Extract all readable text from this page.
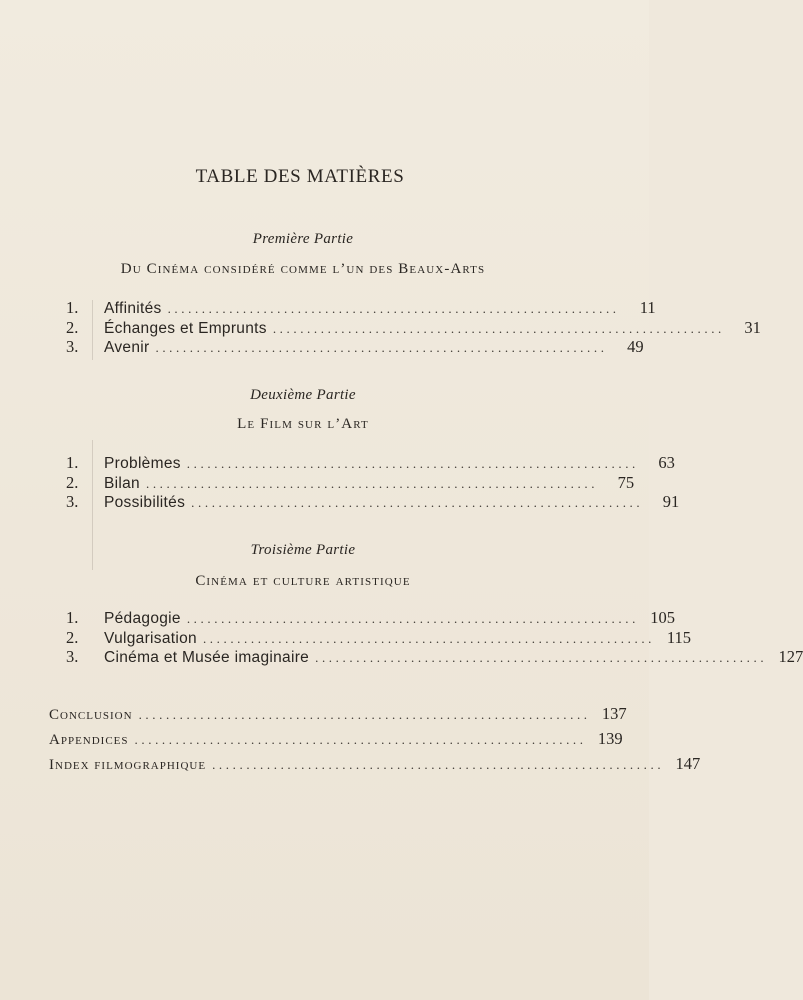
TABLE DES MATIÈRES
Première Partie
Du Cinéma considéré comme l’un des Beaux-Arts
1.	Affinités ..................................................................	11
2.	Échanges et Emprunts ..................................................................	31
3.	Avenir ..................................................................	49
Deuxième Partie
Le Film sur l’Art
1.	Problèmes ..................................................................	63
2.	Bilan ..................................................................	75
3.	Possibilités ..................................................................	91
Troisième Partie
Cinéma et culture artistique
1.	Pédagogie .................................................................. 105
2.	Vulgarisation .................................................................. 115
3.	Cinéma et Musée imaginaire .................................................................. 127
Conclusion .................................................................. 137
Appendices .................................................................. 139
Index filmographique .................................................................. 147
